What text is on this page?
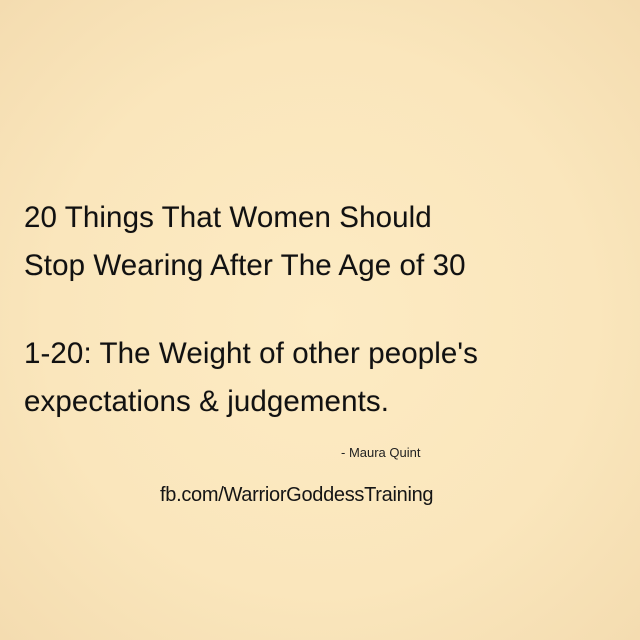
20 Things That Women Should

Stop Wearing After The Age of 30

1-20: The Weight of other people's

expectations & judgements.

- Maura Quint

fb.com/WarriorGoddessTraining
